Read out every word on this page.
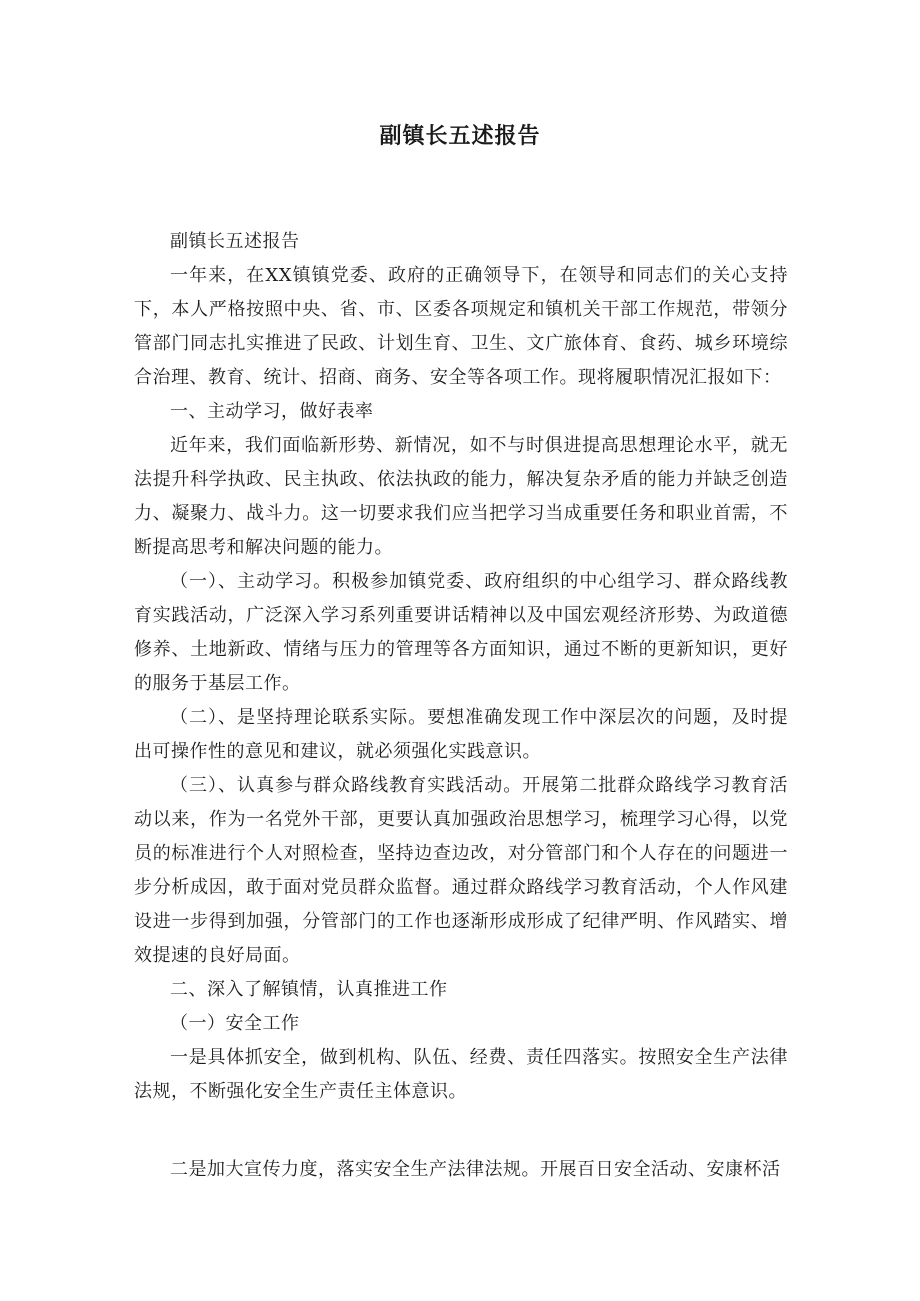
副镇长五述报告

副镇长五述报告

一年来，在XX镇镇党委、政府的正确领导下，在领导和同志们的关心支持下，本人严格按照中央、省、市、区委各项规定和镇机关干部工作规范，带领分管部门同志扎实推进了民政、计划生育、卫生、文广旅体育、食药、城乡环境综合治理、教育、统计、招商、商务、安全等各项工作。现将履职情况汇报如下：

一、主动学习，做好表率

近年来，我们面临新形势、新情况，如不与时俱进提高思想理论水平，就无法提升科学执政、民主执政、依法执政的能力，解决复杂矛盾的能力并缺乏创造力、凝聚力、战斗力。这一切要求我们应当把学习当成重要任务和职业首需，不断提高思考和解决问题的能力。

（一）、主动学习。积极参加镇党委、政府组织的中心组学习、群众路线教育实践活动，广泛深入学习系列重要讲话精神以及中国宏观经济形势、为政道德修养、土地新政、情绪与压力的管理等各方面知识，通过不断的更新知识，更好的服务于基层工作。

（二）、是坚持理论联系实际。要想准确发现工作中深层次的问题，及时提出可操作性的意见和建议，就必须强化实践意识。

（三）、认真参与群众路线教育实践活动。开展第二批群众路线学习教育活动以来，作为一名党外干部，更要认真加强政治思想学习，梳理学习心得，以党员的标准进行个人对照检查，坚持边查边改，对分管部门和个人存在的问题进一步分析成因，敢于面对党员群众监督。通过群众路线学习教育活动，个人作风建设进一步得到加强，分管部门的工作也逐渐形成形成了纪律严明、作风踏实、增效提速的良好局面。

二、深入了解镇情，认真推进工作

（一）安全工作

一是具体抓安全，做到机构、队伍、经费、责任四落实。按照安全生产法律法规，不断强化安全生产责任主体意识。

二是加大宣传力度，落实安全生产法律法规。开展百日安全活动、安康杯活
